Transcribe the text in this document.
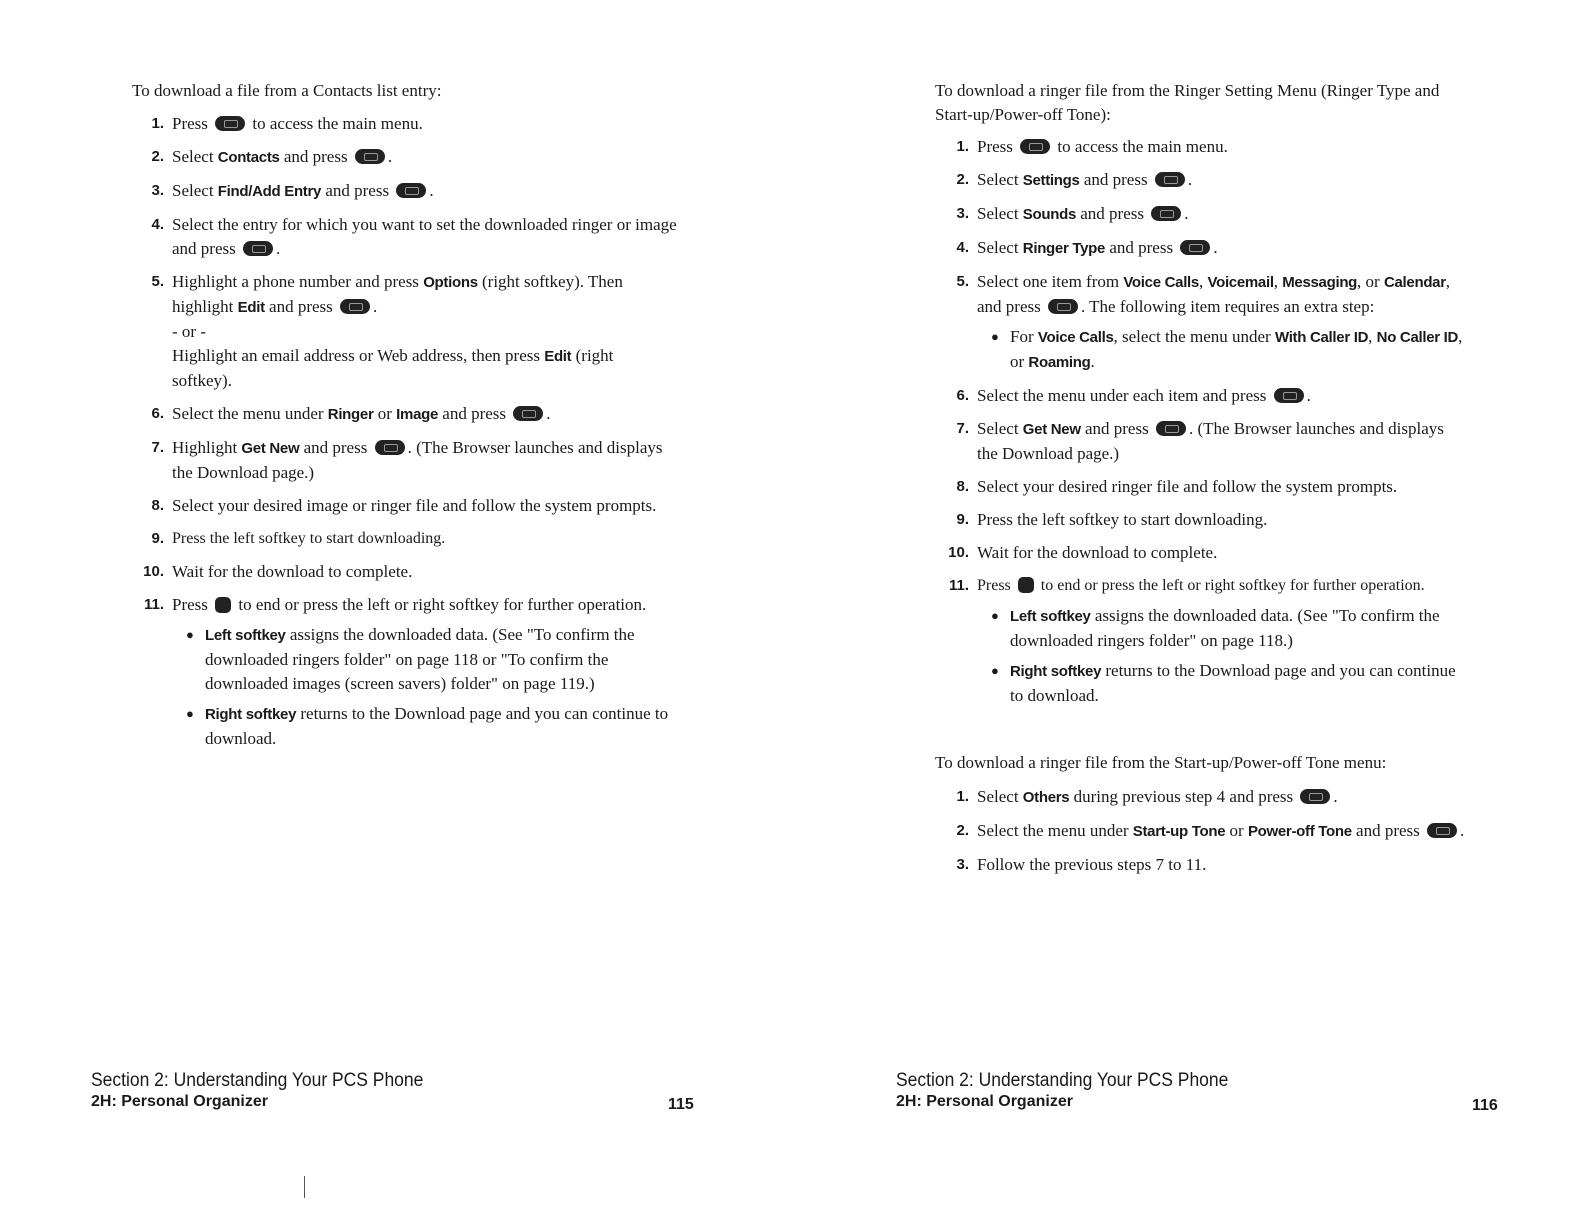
To download a file from a Contacts list entry:
1. Press  to access the main menu.
2. Select Contacts and press .
3. Select Find/Add Entry and press .
4. Select the entry for which you want to set the downloaded ringer or image and press .
5. Highlight a phone number and press Options (right softkey). Then highlight Edit and press .
- or -
Highlight an email address or Web address, then press Edit (right softkey).
6. Select the menu under Ringer or Image and press .
7. Highlight Get New and press . (The Browser launches and displays the Download page.)
8. Select your desired image or ringer file and follow the system prompts.
9. Press the left softkey to start downloading.
10. Wait for the download to complete.
11. Press  to end or press the left or right softkey for further operation.
● Left softkey assigns the downloaded data. (See "To confirm the downloaded ringers folder" on page 118 or "To confirm the downloaded images (screen savers) folder" on page 119.)
● Right softkey returns to the Download page and you can continue to download.
Section 2: Understanding Your PCS Phone
2H: Personal Organizer	115
To download a ringer file from the Ringer Setting Menu (Ringer Type and Start-up/Power-off Tone):
1. Press  to access the main menu.
2. Select Settings and press .
3. Select Sounds and press .
4. Select Ringer Type and press .
5. Select one item from Voice Calls, Voicemail, Messaging, or Calendar, and press . The following item requires an extra step:
● For Voice Calls, select the menu under With Caller ID, No Caller ID, or Roaming.
6. Select the menu under each item and press .
7. Select Get New and press . (The Browser launches and displays the Download page.)
8. Select your desired ringer file and follow the system prompts.
9. Press the left softkey to start downloading.
10. Wait for the download to complete.
11. Press  to end or press the left or right softkey for further operation.
● Left softkey assigns the downloaded data. (See "To confirm the downloaded ringers folder" on page 118.)
● Right softkey returns to the Download page and you can continue to download.
To download a ringer file from the Start-up/Power-off Tone menu:
1. Select Others during previous step 4 and press .
2. Select the menu under Start-up Tone or Power-off Tone and press .
3. Follow the previous steps 7 to 11.
Section 2: Understanding Your PCS Phone
2H: Personal Organizer	116
